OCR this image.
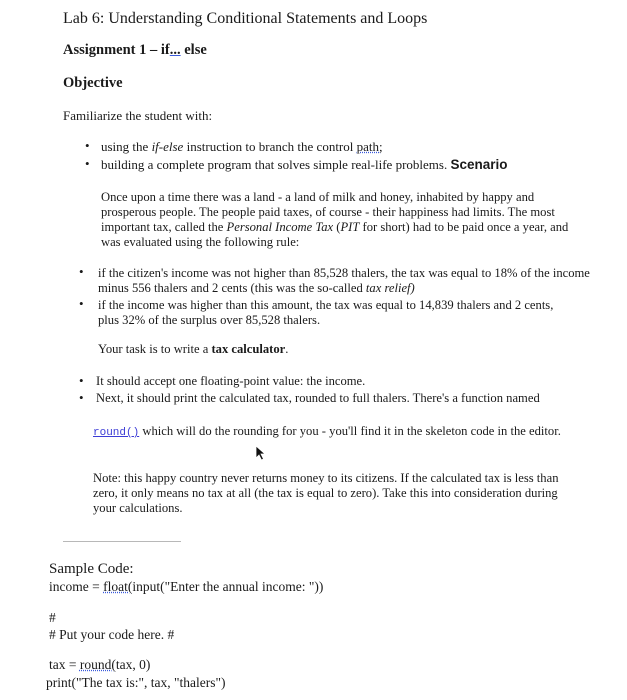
Lab 6: Understanding Conditional Statements and Loops
Assignment 1 – if... else
Objective
Familiarize the student with:
• using the if-else instruction to branch the control path;
• building a complete program that solves simple real-life problems. Scenario
Once upon a time there was a land - a land of milk and honey, inhabited by happy and prosperous people. The people paid taxes, of course - their happiness had limits. The most important tax, called the Personal Income Tax (PIT for short) had to be paid once a year, and was evaluated using the following rule:
• if the citizen's income was not higher than 85,528 thalers, the tax was equal to 18% of the income minus 556 thalers and 2 cents (this was the so-called tax relief)
• if the income was higher than this amount, the tax was equal to 14,839 thalers and 2 cents, plus 32% of the surplus over 85,528 thalers.
Your task is to write a tax calculator.
• It should accept one floating-point value: the income.
• Next, it should print the calculated tax, rounded to full thalers. There's a function named
round() which will do the rounding for you - you'll find it in the skeleton code in the editor.
Note: this happy country never returns money to its citizens. If the calculated tax is less than zero, it only means no tax at all (the tax is equal to zero). Take this into consideration during your calculations.
Sample Code:
income = float(input("Enter the annual income: "))
#
# Put your code here. #
tax = round(tax, 0)
print("The tax is:", tax, "thalers")
